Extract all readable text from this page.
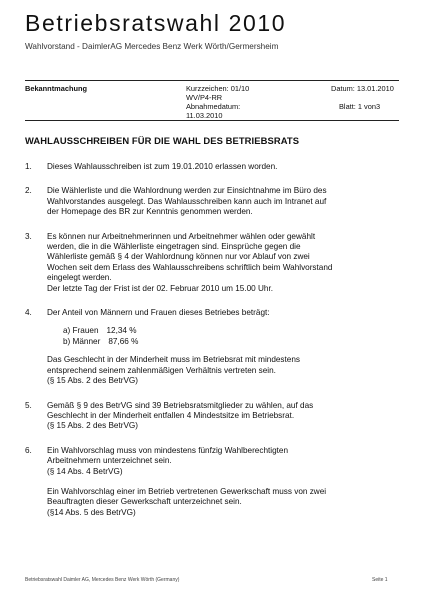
Betriebsratswahl 2010
Wahlvorstand - DaimlerAG Mercedes Benz Werk Wörth/Germersheim
Bekanntmachung	Kurzzeichen: 01/10
WV/P4-RR
Abnahmedatum:
11.03.2010
Datum: 13.01.2010
Blatt: 1 von3
WAHLAUSSCHREIBEN FÜR DIE WAHL DES BETRIEBSRATS
1.	Dieses Wahlausschreiben ist zum 19.01.2010 erlassen worden.

2.	Die Wählerliste und die Wahlordnung werden zur Einsichtnahme im Büro des
Wahlvorstandes ausgelegt. Das Wahlausschreiben kann auch im Intranet auf
der Homepage des BR zur Kenntnis genommen werden.

3.	Es können nur Arbeitnehmerinnen und Arbeitnehmer wählen oder gewählt
werden, die in die Wählerliste eingetragen sind. Einsprüche gegen die
Wählerliste gemäß § 4 der Wahlordnung können nur vor Ablauf von zwei
Wochen seit dem Erlass des Wahlausschreibens schriftlich beim Wahlvorstand
eingelegt werden.
Der letzte Tag der Frist ist der 02. Februar 2010 um 15.00 Uhr.

4.	Der Anteil von Männern und Frauen dieses Betriebes beträgt:

a) Frauen 12,34 %
b) Männer 87,66 %

Das Geschlecht in der Minderheit muss im Betriebsrat mit mindestens
entsprechend seinem zahlenmäßigen Verhältnis vertreten sein.
(§ 15 Abs. 2 des BetrVG)

5.	Gemäß § 9 des BetrVG sind 39 Betriebsratsmitglieder zu wählen, auf das
Geschlecht in der Minderheit entfallen 4 Mindestsitze im Betriebsrat.
(§ 15 Abs. 2 des BetrVG)

6.	Ein Wahlvorschlag muss von mindestens fünfzig Wahlberechtigten
Arbeitnehmern unterzeichnet sein.
(§ 14 Abs. 4 BetrVG)

Ein Wahlvorschlag einer im Betrieb vertretenen Gewerkschaft muss von zwei
Beauftragten dieser Gewerkschaft unterzeichnet sein.
(§14 Abs. 5 des BetrVG)

Betriebsratswahl Daimler AG, Mercedes Benz Werk Wörth (Germany)	Seite 1
